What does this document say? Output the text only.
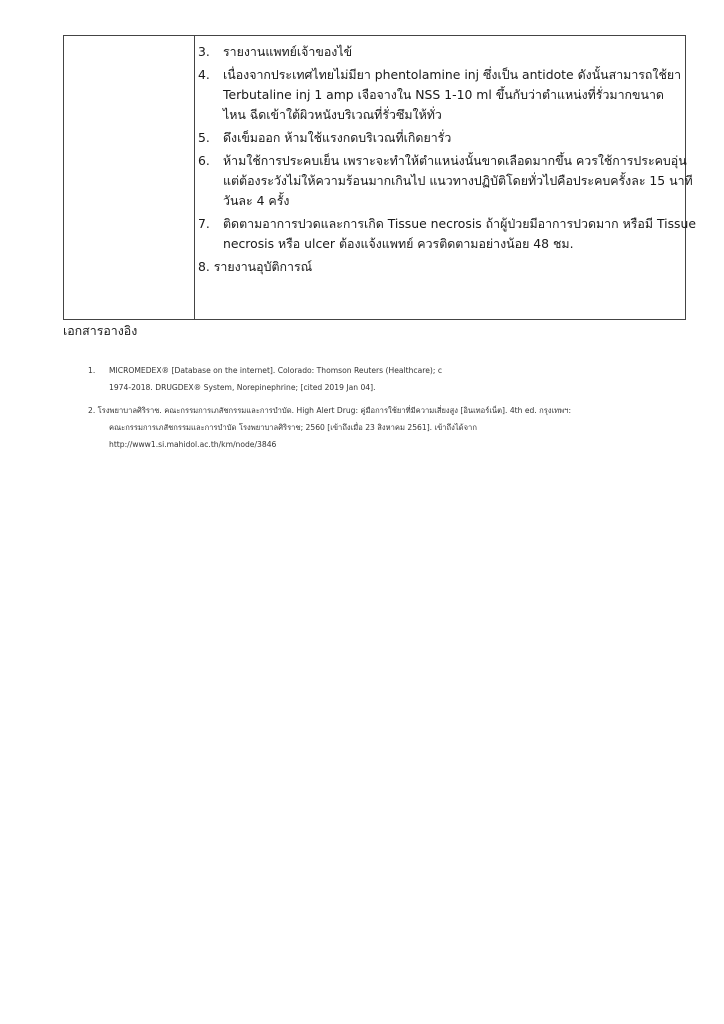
3.	รายงานแพทย์เจ้าของไข้
4.	เนื่องจากประเทศไทยไม่มียา phentolamine inj ซึ่งเป็น antidote ดังนั้นสามารถใช้ยา
Terbutaline inj 1 amp เจือจางใน NSS 1-10 ml ขึ้นกับว่าตำแหน่งที่รั่วมากขนาด
ไหน ฉีดเข้าใต้ผิวหนังบริเวณที่รั่วซึมให้ทั่ว
5.	ดึงเข็มออก ห้ามใช้แรงกดบริเวณที่เกิดยารั่ว
6.	ห้ามใช้การประคบเย็น เพราะจะทำให้ตำแหน่งนั้นขาดเลือดมากขึ้น ควรใช้การประคบอุ่น
แต่ต้องระวังไม่ให้ความร้อนมากเกินไป แนวทางปฏิบัติโดยทั่วไปคือประคบครั้งละ 15 นาที
วันละ 4 ครั้ง
7.	ติดตามอาการปวดและการเกิด Tissue necrosis ถ้าผู้ป่วยมีอาการปวดมาก หรือมี Tissue
necrosis หรือ ulcer ต้องแจ้งแพทย์ ควรติดตามอย่างน้อย 48 ชม.
8. รายงานอุบัติการณ์
เอกสารอางอิง
1.	MICROMEDEX® [Database on the internet]. Colorado: Thomson Reuters (Healthcare); c
1974-2018. DRUGDEX® System, Norepinephrine; [cited 2019 Jan 04].
2. โรงพยาบาลศิริราช. คณะกรรมการเภสัชกรรมและการบำบัด. High Alert Drug: คู่มือการใช้ยาที่มีความเสี่ยงสูง [อินเทอร์เน็ต]. 4th ed. กรุงเทพฯ:
คณะกรรมการเภสัชกรรมและการบำบัด โรงพยาบาลศิริราช; 2560 [เข้าถึงเมื่อ 23 สิงหาคม 2561]. เข้าถึงได้จาก
http://www1.si.mahidol.ac.th/km/node/3846
